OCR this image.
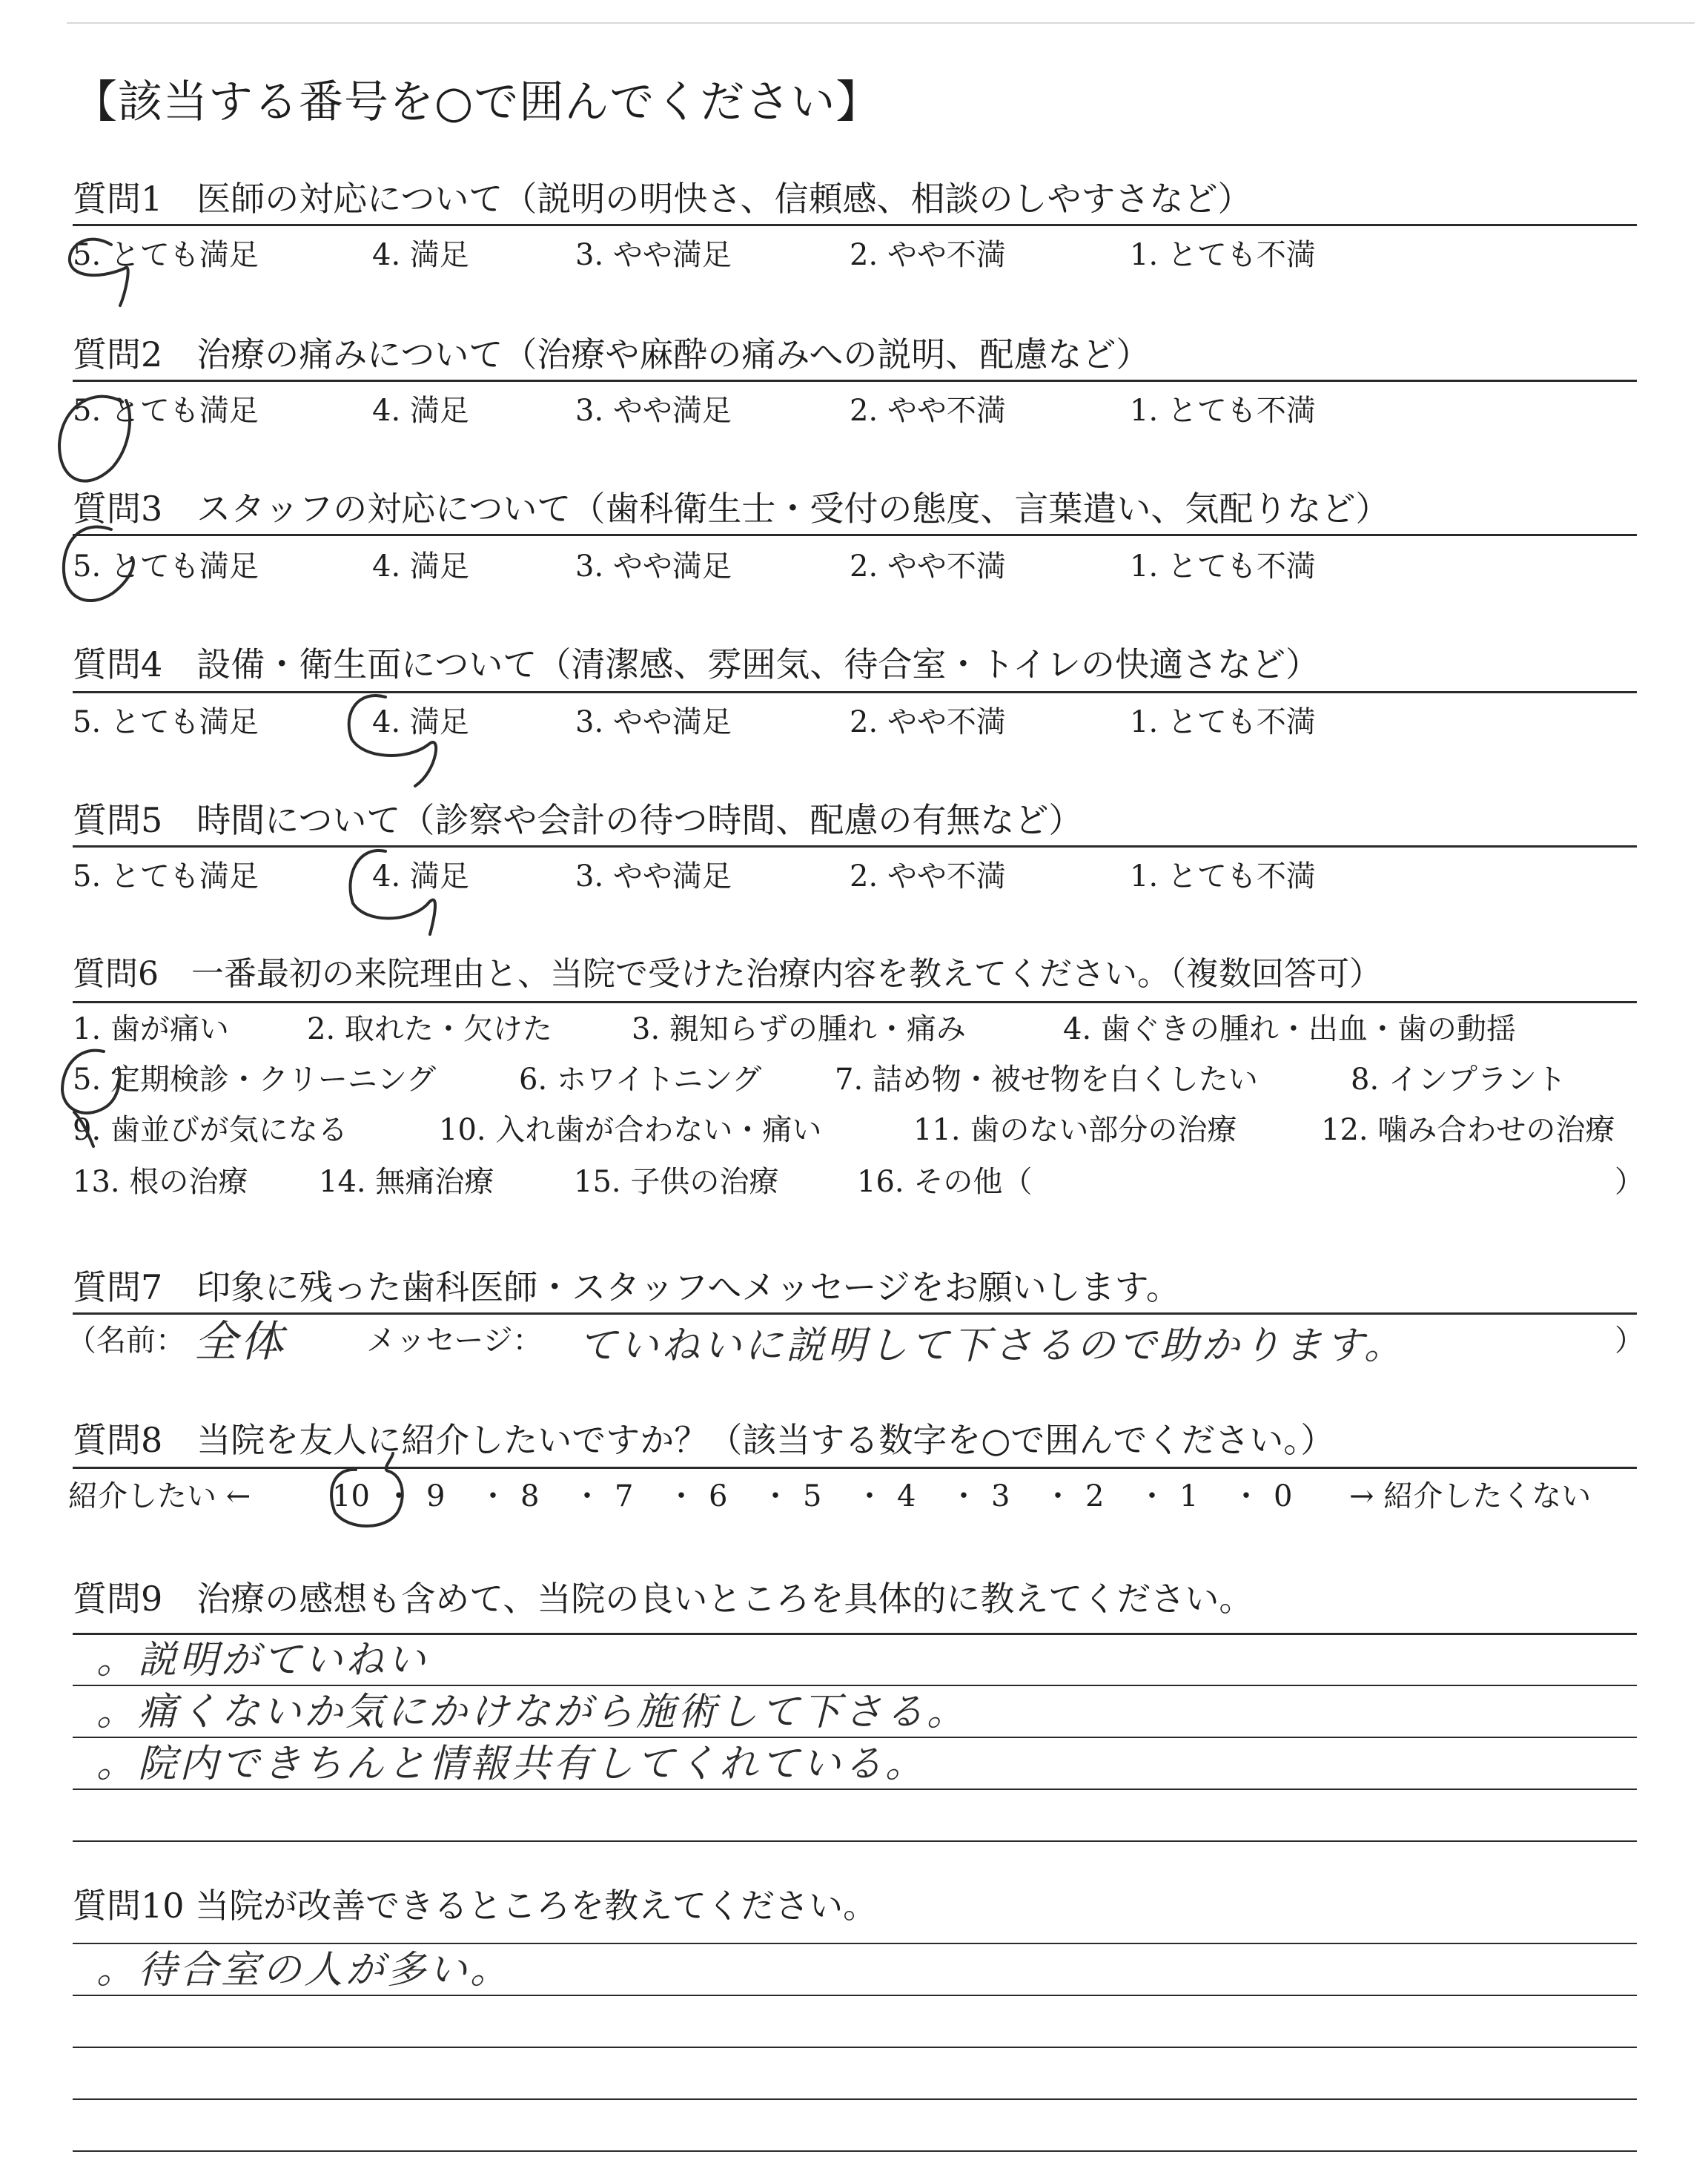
【該当する番号を○で囲んでください】
質問1　医師の対応について（説明の明快さ、信頼感、相談のしやすさなど）
5. とても満足	4. 満足	3. やや満足	2. やや不満	1. とても不満
質問2　治療の痛みについて（治療や麻酔の痛みへの説明、配慮など）
5. とても満足	4. 満足	3. やや満足	2. やや不満	1. とても不満
質問3　スタッフの対応について（歯科衛生士・受付の態度、言葉遣い、気配りなど）
5. とても満足	4. 満足	3. やや満足	2. やや不満	1. とても不満
質問4　設備・衛生面について（清潔感、雰囲気、待合室・トイレの快適さなど）
5. とても満足	4. 満足	3. やや満足	2. やや不満	1. とても不満
質問5　時間について（診察や会計の待つ時間、配慮の有無など）
5. とても満足	4. 満足	3. やや満足	2. やや不満	1. とても不満
質問6　一番最初の来院理由と、当院で受けた治療内容を教えてください。（複数回答可）
1. 歯が痛い	2. 取れた・欠けた	3. 親知らずの腫れ・痛み	4. 歯ぐきの腫れ・出血・歯の動揺
5. 定期検診・クリーニング	6. ホワイトニング 7. 詰め物・被せ物を白くしたい	8. インプラント
9. 歯並びが気になる	10. 入れ歯が合わない・痛い	11. 歯のない部分の治療	12. 噛み合わせの治療
13. 根の治療 14. 無痛治療	15. 子供の治療	16. その他（	）
質問7　印象に残った歯科医師・スタッフへメッセージをお願いします。
（名前： 全体	メッセージ： ていねいに説明して下さるので助かります。	）
質問8　当院を友人に紹介したいですか？（該当する数字を○で囲んでください。）
紹介したい ←	10 ・ 9 ・ 8 ・ 7 ・ 6 ・ 5 ・ 4 ・ 3 ・ 2 ・ 1 ・ 0 → 紹介したくない
質問9　治療の感想も含めて、当院の良いところを具体的に教えてください。
。説明がていねい
。痛くないか気にかけながら施術して下さる。
。院内できちんと情報共有してくれている。
質問10 当院が改善できるところを教えてください。
。待合室の人が多い。
